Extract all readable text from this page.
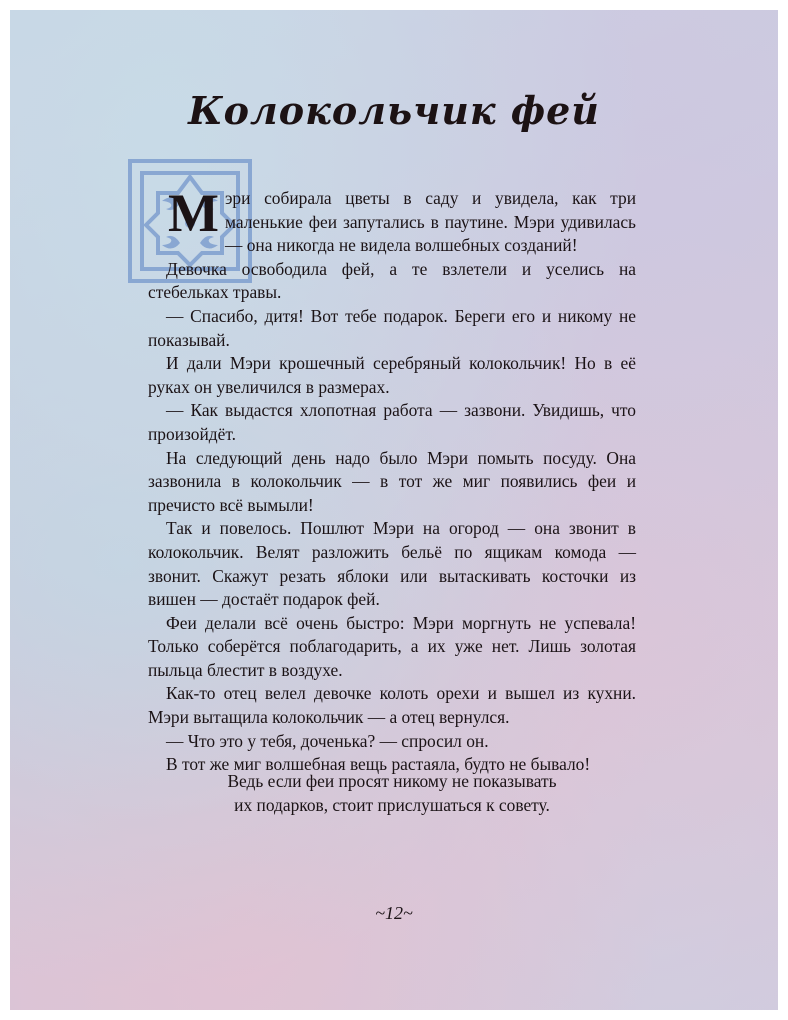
Колокольчик фей

Мэри собирала цветы в саду и увидела, как три маленькие феи запутались в паутине. Мэри удивилась — она никогда не видела волшебных созданий!

Девочка освободила фей, а те взлетели и уселись на стебельках травы.

— Спасибо, дитя! Вот тебе подарок. Береги его и никому не показывай.

И дали Мэри крошечный серебряный колокольчик! Но в её руках он увеличился в размерах.

— Как выдастся хлопотная работа — зазвони. Увидишь, что произойдёт.

На следующий день надо было Мэри помыть посуду. Она зазвонила в колокольчик — в тот же миг появились феи и пречисто всё вымыли!

Так и повелось. Пошлют Мэри на огород — она звонит в колокольчик. Велят разложить бельё по ящикам комода — звонит. Скажут резать яблоки или вытаскивать косточки из вишен — достаёт подарок фей.

Феи делали всё очень быстро: Мэри моргнуть не успевала! Только соберётся поблагодарить, а их уже нет. Лишь золотая пыльца блестит в воздухе.

Как-то отец велел девочке колоть орехи и вышел из кухни. Мэри вытащила колокольчик — а отец вернулся.

— Что это у тебя, доченька? — спросил он.

В тот же миг волшебная вещь растаяла, будто не бывало!

Ведь если феи просят никому не показывать

их подарков, стоит прислушаться к совету.

~12~
